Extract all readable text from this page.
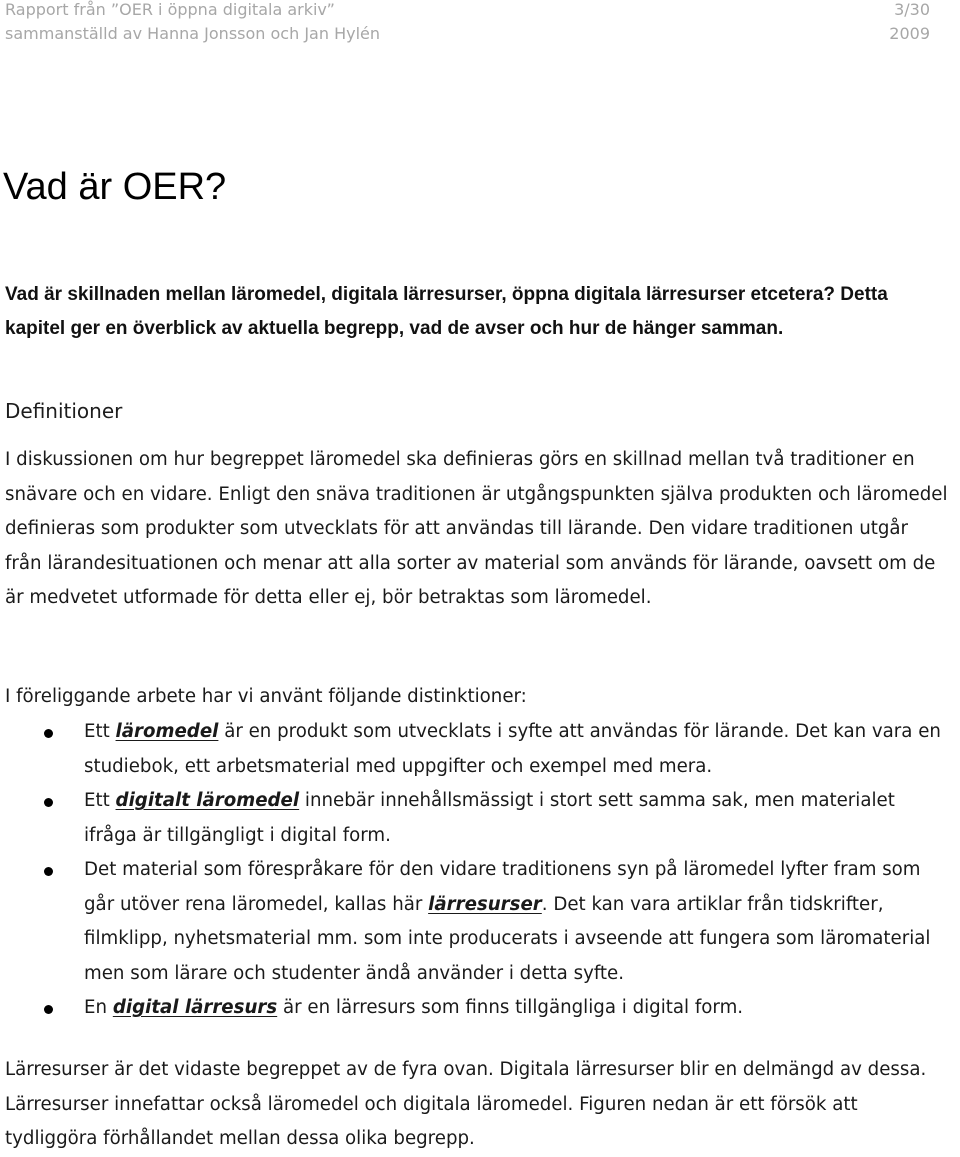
Rapport från ”OER i öppna digitala arkiv”	3/30
sammanställd av Hanna Jonsson och Jan Hylén	2009
Vad är OER?

Vad är skillnaden mellan läromedel, digitala lärresurser, öppna digitala lärresurser etcetera? Detta kapitel ger en överblick av aktuella begrepp, vad de avser och hur de hänger samman.

Definitioner

I diskussionen om hur begreppet läromedel ska definieras görs en skillnad mellan två traditioner en snävare och en vidare. Enligt den snäva traditionen är utgångspunkten själva produkten och läromedel definieras som produkter som utvecklats för att användas till lärande. Den vidare traditionen utgår från lärandesituationen och menar att alla sorter av material som används för lärande, oavsett om de är medvetet utformade för detta eller ej, bör betraktas som läromedel.

I föreliggande arbete har vi använt följande distinktioner:

Ett läromedel är en produkt som utvecklats i syfte att användas för lärande. Det kan vara en studiebok, ett arbetsmaterial med uppgifter och exempel med mera.
Ett digitalt läromedel innebär innehållsmässigt i stort sett samma sak, men materialet ifråga är tillgängligt i digital form.
Det material som förespråkare för den vidare traditionens syn på läromedel lyfter fram som går utöver rena läromedel, kallas här lärresurser. Det kan vara artiklar från tidskrifter, filmklipp, nyhetsmaterial mm. som inte producerats i avseende att fungera som läromaterial men som lärare och studenter ändå använder i detta syfte.
En digital lärresurs är en lärresurs som finns tillgängliga i digital form.

Lärresurser är det vidaste begreppet av de fyra ovan. Digitala lärresurser blir en delmängd av dessa. Lärresurser innefattar också läromedel och digitala läromedel. Figuren nedan är ett försök att tydliggöra förhållandet mellan dessa olika begrepp.
